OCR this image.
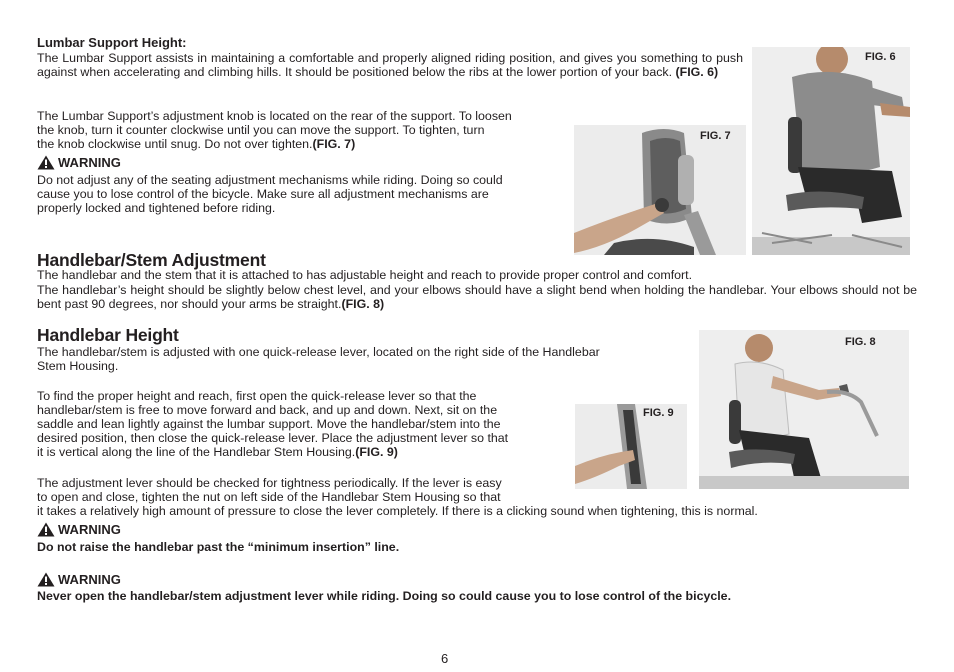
Lumbar Support Height:
The Lumbar Support assists in maintaining a comfortable and properly aligned riding position, and gives you something to push against when accelerating and climbing hills. It should be positioned below the ribs at the lower portion of your back. (FIG. 6)
The Lumbar Support’s adjustment knob is located on the rear of the support. To loosen
the knob, turn it counter clockwise until you can move the support. To tighten, turn
the knob clockwise until snug. Do not over tighten.(FIG. 7)
WARNING
Do not adjust any of the seating adjustment mechanisms while riding. Doing so could
cause you to lose control of the bicycle. Make sure all adjustment mechanisms are
properly locked and tightened before riding.
FIG. 7
FIG. 6
Handlebar/Stem Adjustment
The handlebar and the stem that it is attached to has adjustable height and reach to provide proper control and comfort.
The handlebar’s height should be slightly below chest level, and your elbows should have a slight bend when holding the handlebar. Your elbows should not be bent past 90 degrees, nor should your arms be straight.(FIG. 8)
Handlebar Height
The handlebar/stem is adjusted with one quick-release lever, located on the right side of the Handlebar
Stem Housing.
To find the proper height and reach, first open the quick-release lever so that the
handlebar/stem is free to move forward and back, and up and down. Next, sit on the
saddle and lean lightly against the lumbar support. Move the handlebar/stem into the
desired position, then close the quick-release lever. Place the adjustment lever so that
it is vertical along the line of the Handlebar Stem Housing.(FIG. 9)
The adjustment lever should be checked for tightness periodically. If the lever is easy
to open and close, tighten the nut on left side of the Handlebar Stem Housing so that
it takes a relatively high amount of pressure to close the lever completely. If there is a clicking sound when tightening, this is normal.
FIG. 9
FIG. 8
WARNING
Do not raise the handlebar past the “minimum insertion” line.
WARNING
Never open the handlebar/stem adjustment lever while riding. Doing so could cause you to lose control of the bicycle.
6
